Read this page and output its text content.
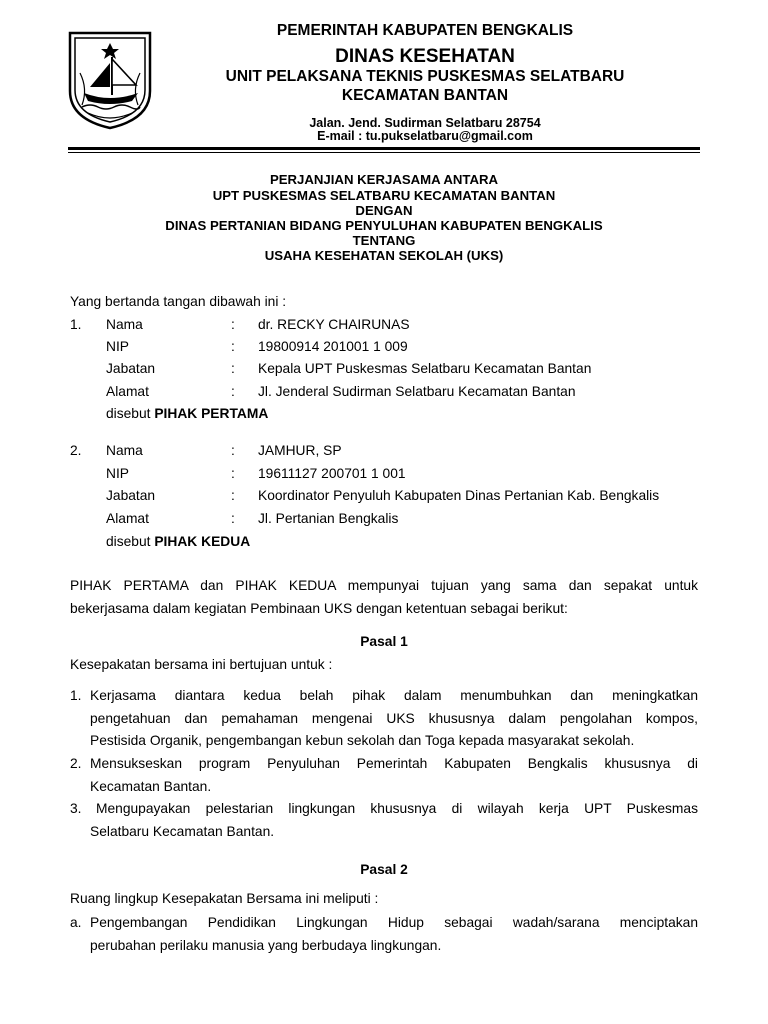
PEMERINTAH KABUPATEN BENGKALIS
DINAS KESEHATAN
UNIT PELAKSANA TEKNIS PUSKESMAS SELATBARU
KECAMATAN BANTAN
Jalan. Jend. Sudirman Selatbaru 28754
E-mail : tu.pukselatbaru@gmail.com
PERJANJIAN KERJASAMA ANTARA
UPT PUSKESMAS SELATBARU KECAMATAN BANTAN
DENGAN
DINAS PERTANIAN BIDANG PENYULUHAN KABUPATEN BENGKALIS
TENTANG
USAHA KESEHATAN SEKOLAH (UKS)
Yang bertanda tangan dibawah ini :
1. Nama	: dr. RECKY CHAIRUNAS
NIP	: 19800914 201001 1 009
Jabatan	: Kepala UPT Puskesmas Selatbaru Kecamatan Bantan
Alamat	: Jl. Jenderal Sudirman Selatbaru Kecamatan Bantan
disebut PIHAK PERTAMA
2. Nama	: JAMHUR, SP
NIP	: 19611127 200701 1 001
Jabatan	: Koordinator Penyuluh Kabupaten Dinas Pertanian Kab. Bengkalis
Alamat	: Jl. Pertanian Bengkalis
disebut PIHAK KEDUA
PIHAK PERTAMA dan PIHAK KEDUA mempunyai tujuan yang sama dan sepakat untuk
bekerjasama dalam kegiatan Pembinaan UKS dengan ketentuan sebagai berikut:
Pasal 1
Kesepakatan bersama ini bertujuan untuk :
1. Kerjasama diantara kedua belah pihak dalam menumbuhkan dan meningkatkan
pengetahuan dan pemahaman mengenai UKS khususnya dalam pengolahan kompos,
Pestisida Organik, pengembangan kebun sekolah dan Toga kepada masyarakat sekolah.
2. Mensukseskan program Penyuluhan Pemerintah Kabupaten Bengkalis khususnya di
Kecamatan Bantan.
3. Mengupayakan pelestarian lingkungan khususnya di wilayah kerja UPT Puskesmas
Selatbaru Kecamatan Bantan.
Pasal 2
Ruang lingkup Kesepakatan Bersama ini meliputi :
a. Pengembangan Pendidikan Lingkungan Hidup sebagai wadah/sarana menciptakan
perubahan perilaku manusia yang berbudaya lingkungan.
